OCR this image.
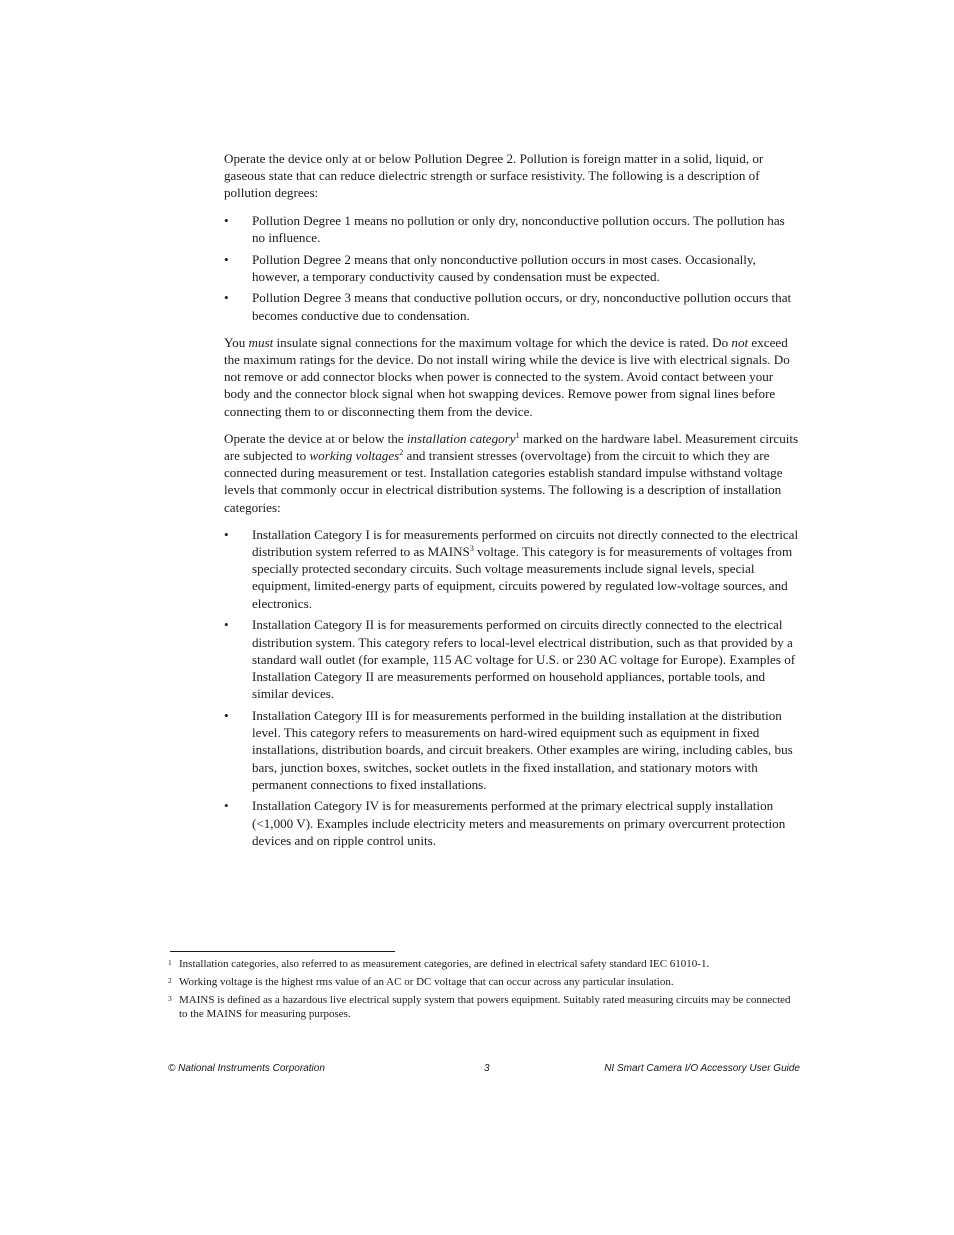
Operate the device only at or below Pollution Degree 2. Pollution is foreign matter in a solid, liquid, or gaseous state that can reduce dielectric strength or surface resistivity. The following is a description of pollution degrees:

•	Pollution Degree 1 means no pollution or only dry, nonconductive pollution occurs. The pollution has no influence.
•	Pollution Degree 2 means that only nonconductive pollution occurs in most cases. Occasionally, however, a temporary conductivity caused by condensation must be expected.
•	Pollution Degree 3 means that conductive pollution occurs, or dry, nonconductive pollution occurs that becomes conductive due to condensation.

You must insulate signal connections for the maximum voltage for which the device is rated. Do not exceed the maximum ratings for the device. Do not install wiring while the device is live with electrical signals. Do not remove or add connector blocks when power is connected to the system. Avoid contact between your body and the connector block signal when hot swapping devices. Remove power from signal lines before connecting them to or disconnecting them from the device.

Operate the device at or below the installation category$^1$ marked on the hardware label. Measurement circuits are subjected to working voltages$^2$ and transient stresses (overvoltage) from the circuit to which they are connected during measurement or test. Installation categories establish standard impulse withstand voltage levels that commonly occur in electrical distribution systems. The following is a description of installation categories:

•	Installation Category I is for measurements performed on circuits not directly connected to the electrical distribution system referred to as MAINS$^3$ voltage. This category is for measurements of voltages from specially protected secondary circuits. Such voltage measurements include signal levels, special equipment, limited-energy parts of equipment, circuits powered by regulated low-voltage sources, and electronics.
•	Installation Category II is for measurements performed on circuits directly connected to the electrical distribution system. This category refers to local-level electrical distribution, such as that provided by a standard wall outlet (for example, 115 AC voltage for U.S. or 230 AC voltage for Europe). Examples of Installation Category II are measurements performed on household appliances, portable tools, and similar devices.
•	Installation Category III is for measurements performed in the building installation at the distribution level. This category refers to measurements on hard-wired equipment such as equipment in fixed installations, distribution boards, and circuit breakers. Other examples are wiring, including cables, bus bars, junction boxes, switches, socket outlets in the fixed installation, and stationary motors with permanent connections to fixed installations.
•	Installation Category IV is for measurements performed at the primary electrical supply installation (<1,000 V). Examples include electricity meters and measurements on primary overcurrent protection devices and on ripple control units.
1 Installation categories, also referred to as measurement categories, are defined in electrical safety standard IEC 61010-1.
2 Working voltage is the highest rms value of an AC or DC voltage that can occur across any particular insulation.
3 MAINS is defined as a hazardous live electrical supply system that powers equipment. Suitably rated measuring circuits may be connected to the MAINS for measuring purposes.
© National Instruments Corporation	3	NI Smart Camera I/O Accessory User Guide
